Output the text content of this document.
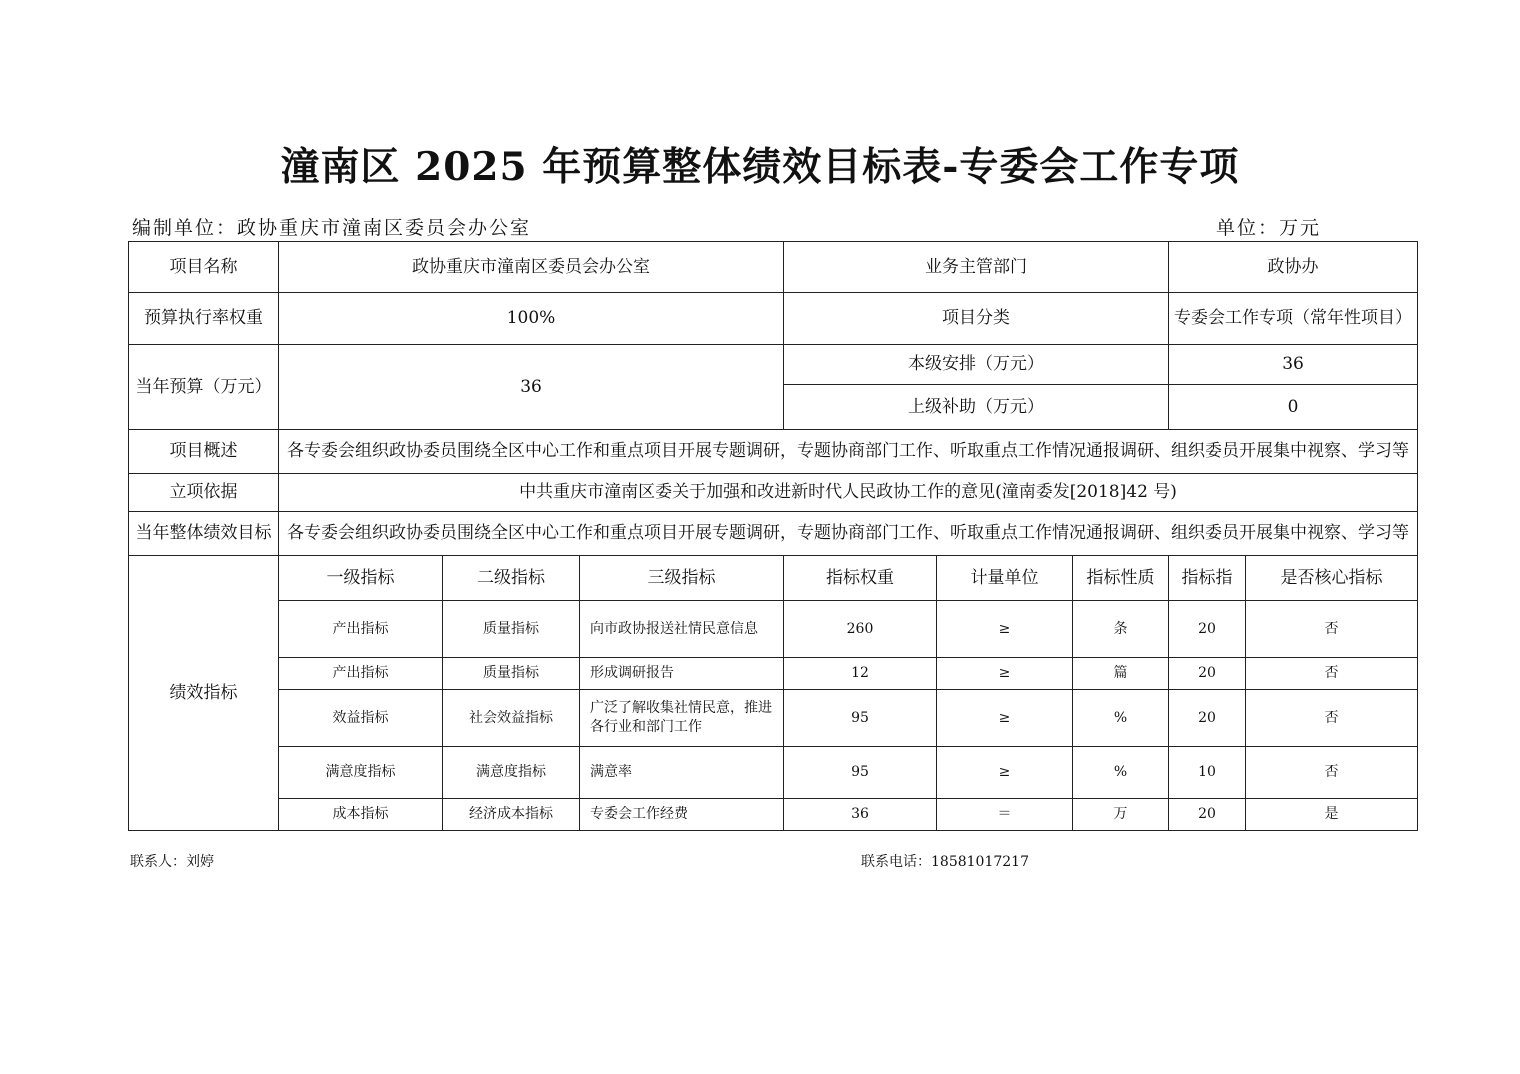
潼南区 2025 年预算整体绩效目标表-专委会工作专项
编制单位：政协重庆市潼南区委员会办公室	单位：万元
项目名称	政协重庆市潼南区委员会办公室			业务主管部门			政协办	
预算执行率权重	100%			项目分类			专委会工作专项（常年性项目）	
当年预算（万元）	36			本级安排（万元）			36	
				上级补助（万元）			0	
项目概述	各专委会组织政协委员围绕全区中心工作和重点项目开展专题调研，专题协商部门工作、听取重点工作情况通报调研、组织委员开展集中视察、学习等							
立项依据	中共重庆市潼南区委关于加强和改进新时代人民政协工作的意见(潼南委发[2018]42 号)							
当年整体绩效目标	各专委会组织政协委员围绕全区中心工作和重点项目开展专题调研，专题协商部门工作、听取重点工作情况通报调研、组织委员开展集中视察、学习等							
绩效指标	一级指标	二级指标	三级指标	指标权重	计量单位	指标性质	指标指	是否核心指标
	产出指标	质量指标	向市政协报送社情民意信息	260	≥	条	20	否
	产出指标	质量指标	形成调研报告	12	≥	篇	20	否
	效益指标	社会效益指标	广泛了解收集社情民意，推进各行业和部门工作	95	≥	%	20	否
	满意度指标	满意度指标	满意率	95	≥	%	10	否
	成本指标	经济成本指标	专委会工作经费	36	＝	万	20	是
联系人：刘婷	联系电话：18581017217
